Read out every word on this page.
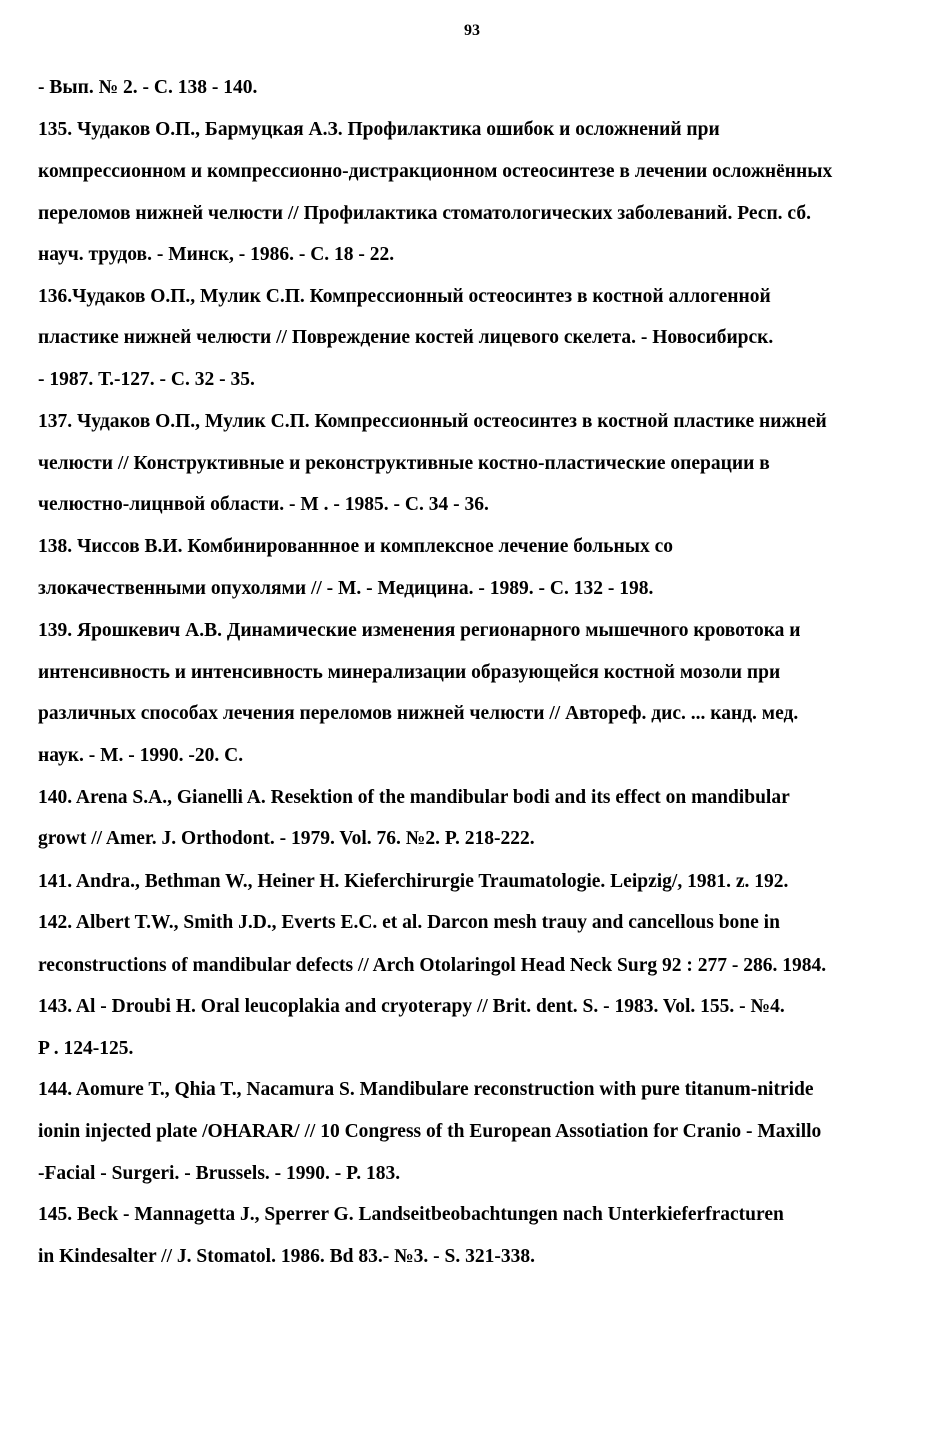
93
- Вып. № 2. - С. 138 - 140.
135. Чудаков О.П., Бармуцкая А.З. Профилактика ошибок и осложнений при
компрессионном и компрессионно-дистракционном остеосинтезе в лечении осложнённых
переломов нижней челюсти // Профилактика стоматологических заболеваний. Респ. сб.
науч. трудов. - Минск, - 1986. - С. 18 - 22.
136.Чудаков О.П., Мулик С.П. Компрессионный остеосинтез в костной аллогенной
пластике нижней челюсти // Повреждение костей лицевого скелета. - Новосибирск.
- 1987. Т.-127. - С. 32 - 35.
137. Чудаков О.П., Мулик С.П. Компрессионный остеосинтез в костной пластике нижней
челюсти // Конструктивные и реконструктивные костно-пластические операции в
челюстно-лицнвой области. - М . - 1985. - С. 34 - 36.
138. Чиссов В.И. Комбинированнное и комплексное лечение больных со
злокачественными опухолями // - М. - Медицина. - 1989. - С. 132 - 198.
139. Ярошкевич А.В. Динамические изменения регионарного мышечного кровотока и
интенсивность и интенсивность минерализации образующейся костной мозоли при
различных способах лечения переломов нижней челюсти // Автореф. дис. ... канд. мед.
наук. - М. - 1990. -20. С.
140. Arena S.A., Gianelli A. Resektion of the mandibular bodi and its effect on mandibular
growt // Amer. J. Orthodont. - 1979. Vol. 76. №2. P. 218-222.
141. Andra., Bethman W., Heiner H. Kieferchirurgie Traumatologie. Leipzig/, 1981. z. 192.
142. Albert T.W., Smith J.D., Everts E.C. et al. Darcon mesh trauy and cancellous bone in
reconstructions of mandibular defects // Arch Otolaringol Head Neck Surg 92 : 277 - 286. 1984.
143. Al - Droubi H. Oral leucoplakia and cryoterapy // Brit. dent. S. - 1983. Vol. 155. - №4.
P . 124-125.
144. Aomure T., Qhia T., Nacamura S. Mandibulare reconstruction with pure titanum-nitride
ionin injected plate /OHARAR/ // 10 Congress of th European Assotiation for Cranio - Maxillo
-Facial - Surgeri. - Brussels. - 1990. - P. 183.
145. Beck - Mannagetta J., Sperrer G. Landseitbeobachtungen nach Unterkieferfracturen
in Kindesalter // J. Stomatol. 1986. Bd 83.- №3. - S. 321-338.
